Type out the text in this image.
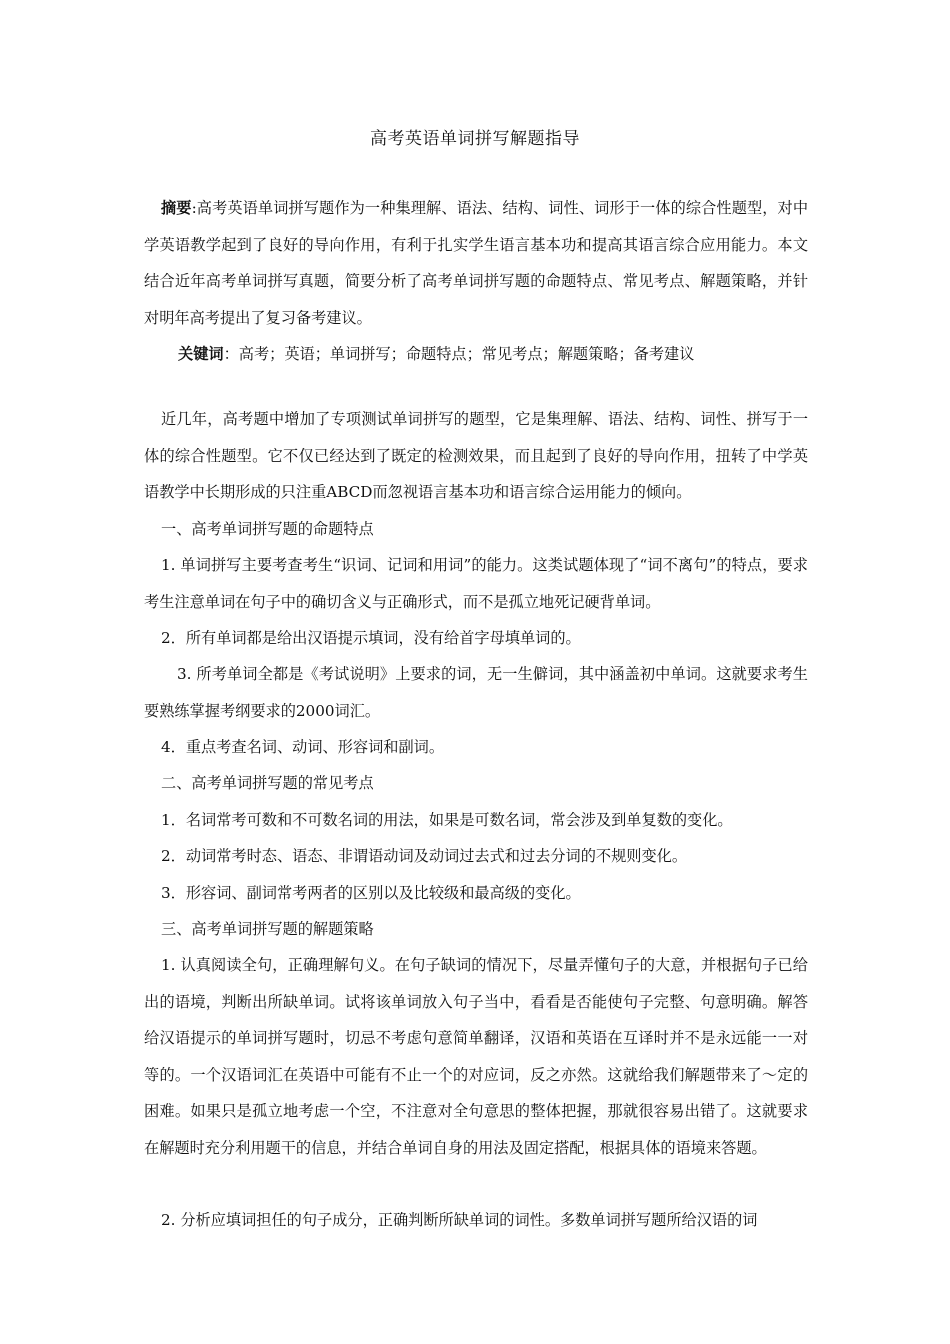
高考英语单词拼写解题指导

摘要:高考英语单词拼写题作为一种集理解、语法、结构、词性、词形于一体的综合性题型，对中学英语教学起到了良好的导向作用，有利于扎实学生语言基本功和提高其语言综合应用能力。本文结合近年高考单词拼写真题，简要分析了高考单词拼写题的命题特点、常见考点、解题策略，并针对明年高考提出了复习备考建议。

关键词：高考；英语；单词拼写；命题特点；常见考点；解题策略；备考建议

近几年，高考题中增加了专项测试单词拼写的题型，它是集理解、语法、结构、词性、拼写于一体的综合性题型。它不仅已经达到了既定的检测效果，而且起到了良好的导向作用，扭转了中学英语教学中长期形成的只注重ABCD而忽视语言基本功和语言综合运用能力的倾向。

一、高考单词拼写题的命题特点

1. 单词拼写主要考查考生“识词、记词和用词”的能力。这类试题体现了“词不离句”的特点，要求考生注意单词在句子中的确切含义与正确形式，而不是孤立地死记硬背单词。

2．所有单词都是给出汉语提示填词，没有给首字母填单词的。

3. 所考单词全都是《考试说明》上要求的词，无一生僻词，其中涵盖初中单词。这就要求考生要熟练掌握考纲要求的2000词汇。

4．重点考查名词、动词、形容词和副词。

二、高考单词拼写题的常见考点

1．名词常考可数和不可数名词的用法，如果是可数名词，常会涉及到单复数的变化。

2．动词常考时态、语态、非谓语动词及动词过去式和过去分词的不规则变化。

3．形容词、副词常考两者的区别以及比较级和最高级的变化。

三、高考单词拼写题的解题策略

1. 认真阅读全句，正确理解句义。在句子缺词的情况下，尽量弄懂句子的大意，并根据句子已给出的语境，判断出所缺单词。试将该单词放入句子当中，看看是否能使句子完整、句意明确。解答给汉语提示的单词拼写题时，切忌不考虑句意简单翻译，汉语和英语在互译时并不是永远能一一对等的。一个汉语词汇在英语中可能有不止一个的对应词，反之亦然。这就给我们解题带来了～定的困难。如果只是孤立地考虑一个空，不注意对全句意思的整体把握，那就很容易出错了。这就要求在解题时充分利用题干的信息，并结合单词自身的用法及固定搭配，根据具体的语境来答题。

2. 分析应填词担任的句子成分，正确判断所缺单词的词性。多数单词拼写题所给汉语的词
